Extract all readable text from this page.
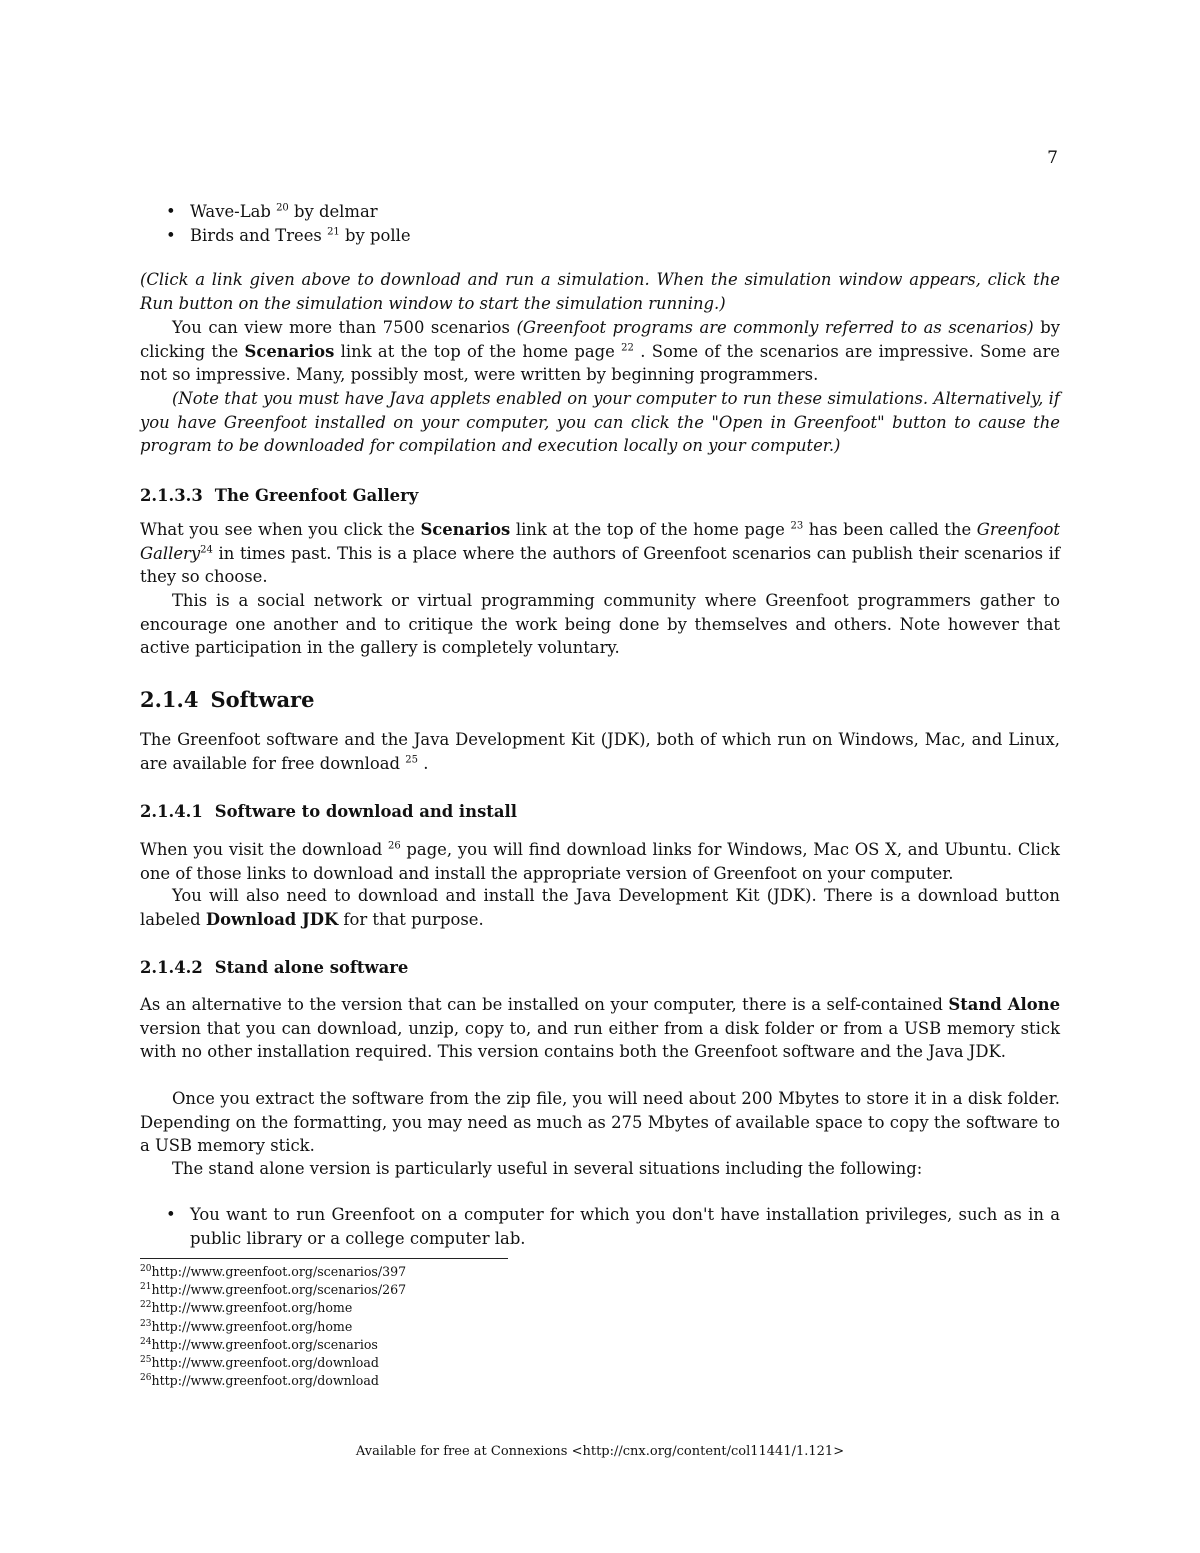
7
• Wave-Lab $^{20}$ by delmar
• Birds and Trees $^{21}$ by polle

(Click a link given above to download and run a simulation. When the simulation window appears, click the Run button on the simulation window to start the simulation running.)

You can view more than 7500 scenarios (Greenfoot programs are commonly referred to as scenarios) by clicking the Scenarios link at the top of the home page $^{22}$ . Some of the scenarios are impressive. Some are not so impressive. Many, possibly most, were written by beginning programmers.

(Note that you must have Java applets enabled on your computer to run these simulations. Alternatively, if you have Greenfoot installed on your computer, you can click the "Open in Greenfoot" button to cause the program to be downloaded for compilation and execution locally on your computer.)

2.1.3.3 The Greenfoot Gallery

What you see when you click the Scenarios link at the top of the home page $^{23}$ has been called the Greenfoot Gallery$^{24}$ in times past. This is a place where the authors of Greenfoot scenarios can publish their scenarios if they so choose.

This is a social network or virtual programming community where Greenfoot programmers gather to encourage one another and to critique the work being done by themselves and others. Note however that active participation in the gallery is completely voluntary.

2.1.4 Software

The Greenfoot software and the Java Development Kit (JDK), both of which run on Windows, Mac, and Linux, are available for free download $^{25}$ .

2.1.4.1 Software to download and install

When you visit the download $^{26}$ page, you will find download links for Windows, Mac OS X, and Ubuntu. Click one of those links to download and install the appropriate version of Greenfoot on your computer.

You will also need to download and install the Java Development Kit (JDK). There is a download button labeled Download JDK for that purpose.

2.1.4.2 Stand alone software

As an alternative to the version that can be installed on your computer, there is a self-contained Stand Alone version that you can download, unzip, copy to, and run either from a disk folder or from a USB memory stick with no other installation required. This version contains both the Greenfoot software and the Java JDK.

Once you extract the software from the zip file, you will need about 200 Mbytes to store it in a disk folder. Depending on the formatting, you may need as much as 275 Mbytes of available space to copy the software to a USB memory stick.

The stand alone version is particularly useful in several situations including the following:

• You want to run Greenfoot on a computer for which you don't have installation privileges, such as in a public library or a college computer lab.
$^{20}$http://www.greenfoot.org/scenarios/397
$^{21}$http://www.greenfoot.org/scenarios/267
$^{22}$http://www.greenfoot.org/home
$^{23}$http://www.greenfoot.org/home
$^{24}$http://www.greenfoot.org/scenarios
$^{25}$http://www.greenfoot.org/download
$^{26}$http://www.greenfoot.org/download
Available for free at Connexions <http://cnx.org/content/col11441/1.121>
